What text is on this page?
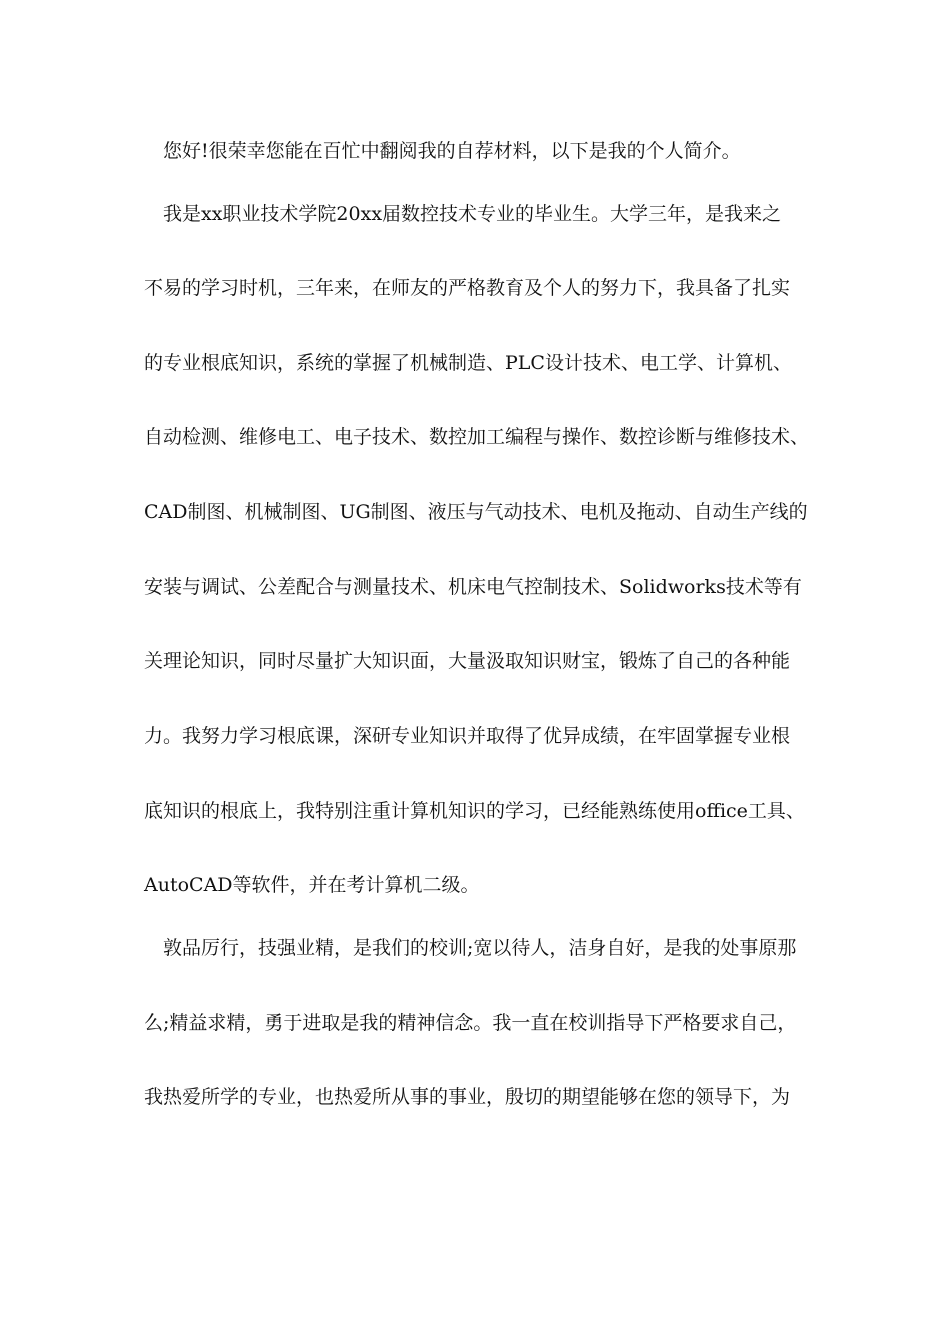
您好!很荣幸您能在百忙中翻阅我的自荐材料，以下是我的个人简介。
我是xx职业技术学院20xx届数控技术专业的毕业生。大学三年，是我来之
不易的学习时机，三年来，在师友的严格教育及个人的努力下，我具备了扎实
的专业根底知识，系统的掌握了机械制造、PLC设计技术、电工学、计算机、
自动检测、维修电工、电子技术、数控加工编程与操作、数控诊断与维修技术、
CAD制图、机械制图、UG制图、液压与气动技术、电机及拖动、自动生产线的
安装与调试、公差配合与测量技术、机床电气控制技术、Solidworks技术等有
关理论知识，同时尽量扩大知识面，大量汲取知识财宝，锻炼了自己的各种能
力。我努力学习根底课，深研专业知识并取得了优异成绩，在牢固掌握专业根
底知识的根底上，我特别注重计算机知识的学习，已经能熟练使用office工具、
AutoCAD等软件，并在考计算机二级。
敦品厉行，技强业精，是我们的校训;宽以待人，洁身自好，是我的处事原那
么;精益求精，勇于进取是我的精神信念。我一直在校训指导下严格要求自己，
我热爱所学的专业，也热爱所从事的事业，殷切的期望能够在您的领导下，为
